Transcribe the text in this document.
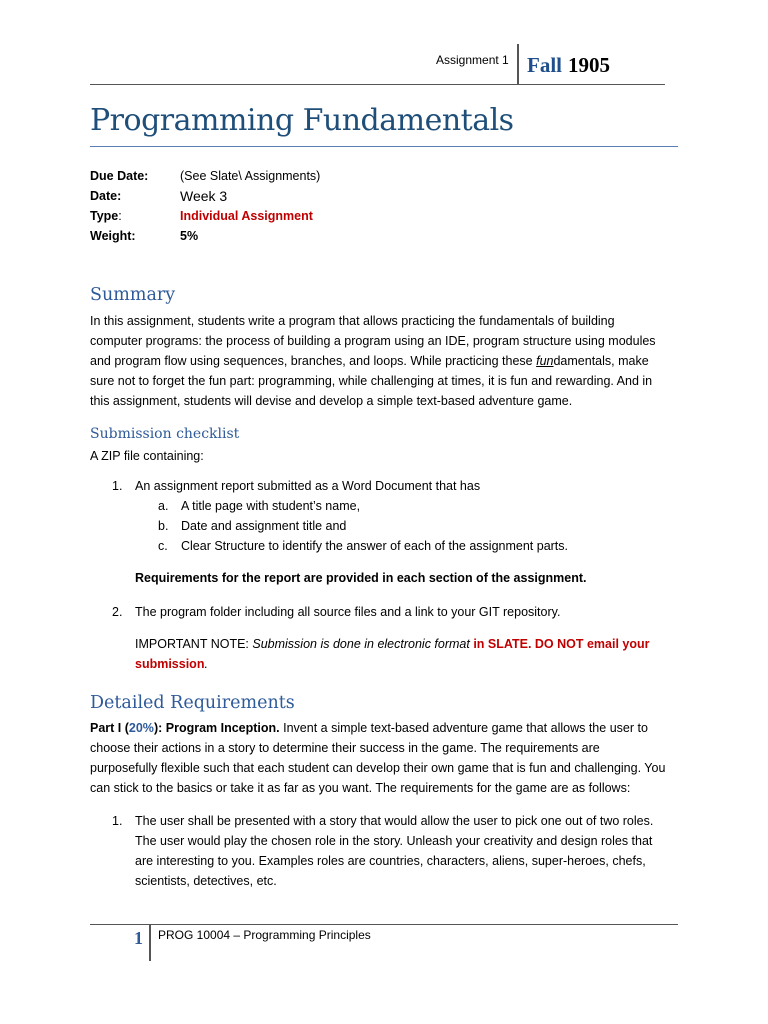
Assignment 1 Fall 1905
Programming Fundamentals
Due Date:	(See Slate\ Assignments)
Date:	Week 3
Type:	Individual Assignment
Weight:	5%
Summary
In this assignment, students write a program that allows practicing the fundamentals of building
computer programs: the process of building a program using an IDE, program structure using modules
and program flow using sequences, branches, and loops. While practicing these fundamentals, make
sure not to forget the fun part: programming, while challenging at times, it is fun and rewarding. And in
this assignment, students will devise and develop a simple text-based adventure game.
Submission checklist
A ZIP file containing:
1. An assignment report submitted as a Word Document that has
a. A title page with student’s name,
b. Date and assignment title and
c. Clear Structure to identify the answer of each of the assignment parts.
Requirements for the report are provided in each section of the assignment.
2. The program folder including all source files and a link to your GIT repository.
IMPORTANT NOTE: Submission is done in electronic format in SLATE. DO NOT email your
submission.
Detailed Requirements
Part I (20%): Program Inception. Invent a simple text-based adventure game that allows the user to
choose their actions in a story to determine their success in the game. The requirements are
purposefully flexible such that each student can develop their own game that is fun and challenging. You
can stick to the basics or take it as far as you want. The requirements for the game are as follows:
1. The user shall be presented with a story that would allow the user to pick one out of two roles.
The user would play the chosen role in the story. Unleash your creativity and design roles that
are interesting to you. Examples roles are countries, characters, aliens, super-heroes, chefs,
scientists, detectives, etc.
1 PROG 10004 – Programming Principles
